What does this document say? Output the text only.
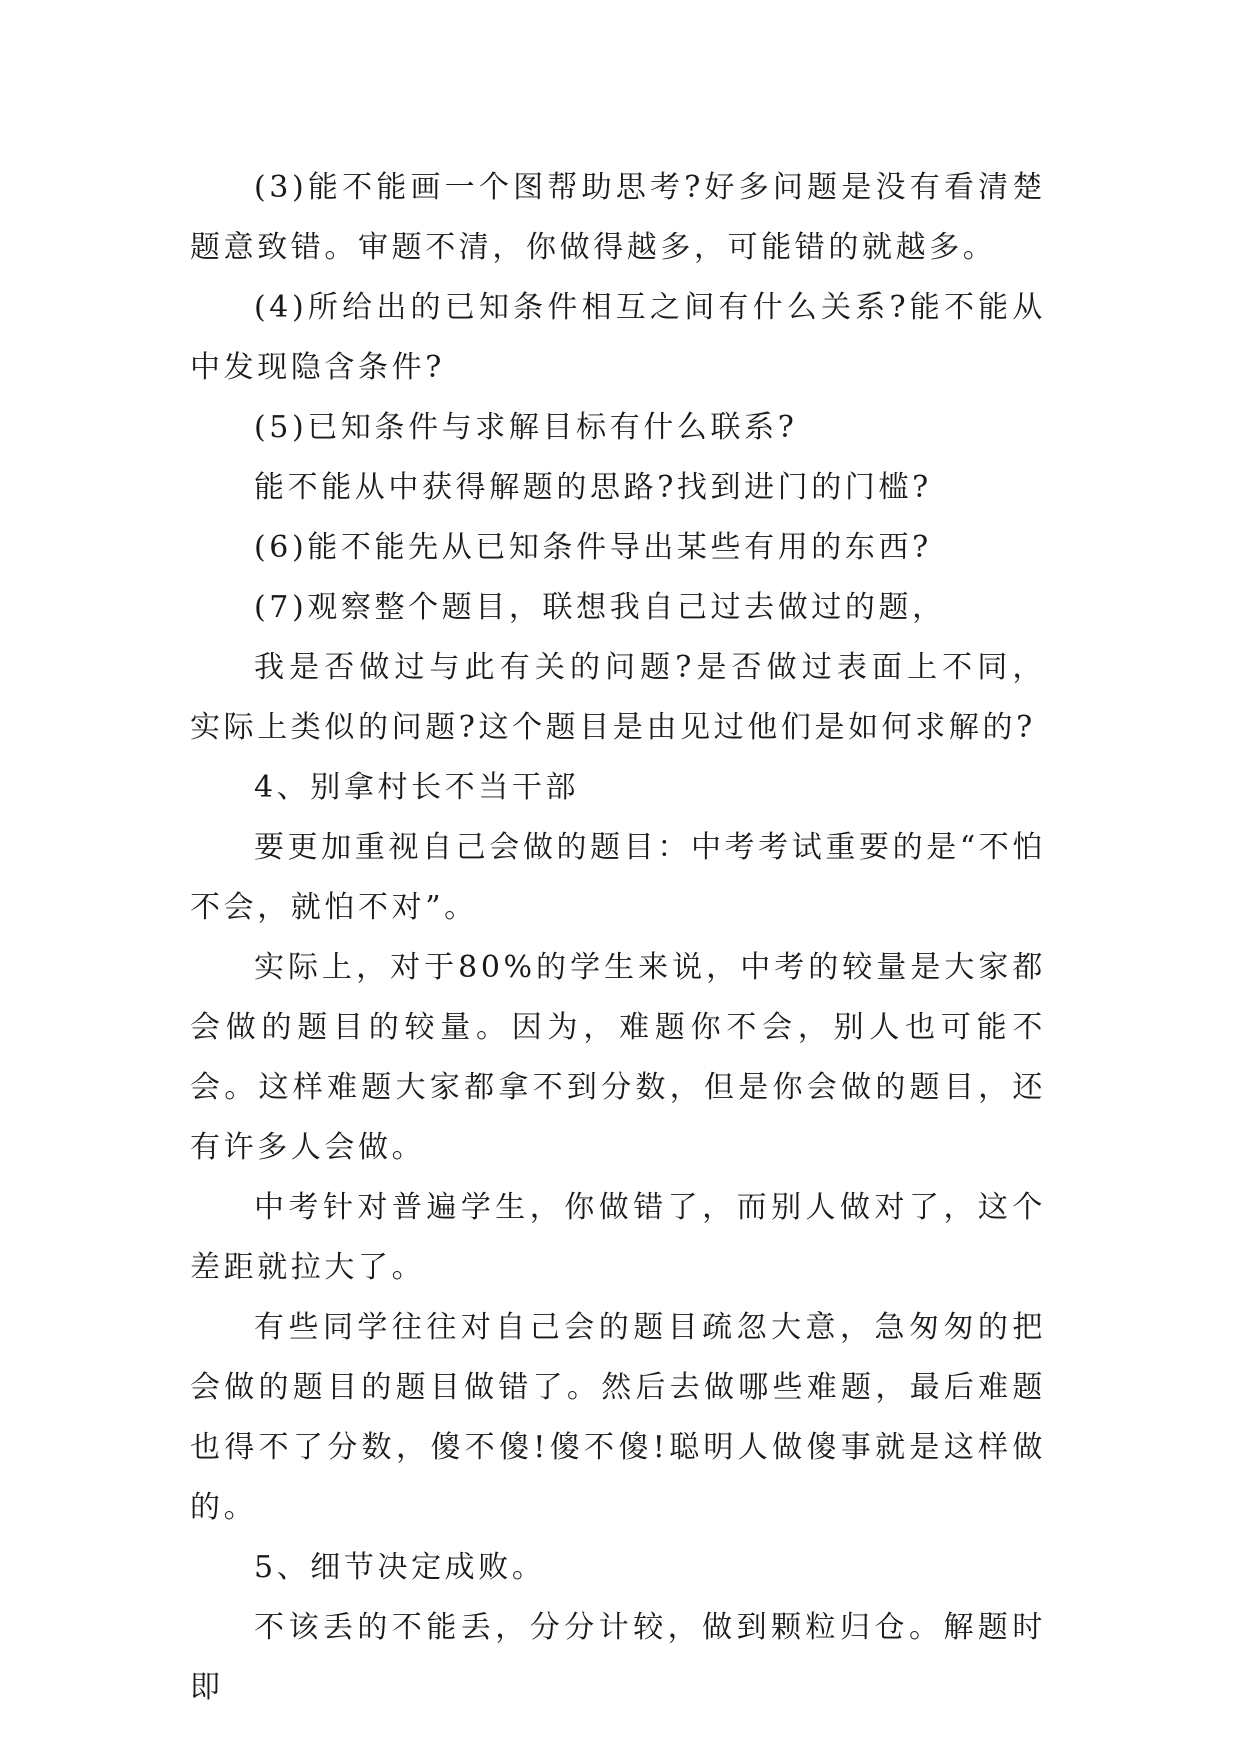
(3)能不能画一个图帮助思考?好多问题是没有看清楚题意致错。审题不清，你做得越多，可能错的就越多。

(4)所给出的已知条件相互之间有什么关系?能不能从中发现隐含条件?

(5)已知条件与求解目标有什么联系?

能不能从中获得解题的思路?找到进门的门槛?

(6)能不能先从已知条件导出某些有用的东西?

(7)观察整个题目，联想我自己过去做过的题，

我是否做过与此有关的问题?是否做过表面上不同，实际上类似的问题?这个题目是由见过他们是如何求解的?

4、别拿村长不当干部

要更加重视自己会做的题目：中考考试重要的是“不怕不会，就怕不对”。

实际上，对于80%的学生来说，中考的较量是大家都会做的题目的较量。因为，难题你不会，别人也可能不会。这样难题大家都拿不到分数，但是你会做的题目，还有许多人会做。

中考针对普遍学生，你做错了，而别人做对了，这个差距就拉大了。

有些同学往往对自己会的题目疏忽大意，急匆匆的把会做的题目的题目做错了。然后去做哪些难题，最后难题也得不了分数，傻不傻!傻不傻!聪明人做傻事就是这样做的。

5、细节决定成败。

不该丢的不能丢，分分计较，做到颗粒归仓。解题时即
